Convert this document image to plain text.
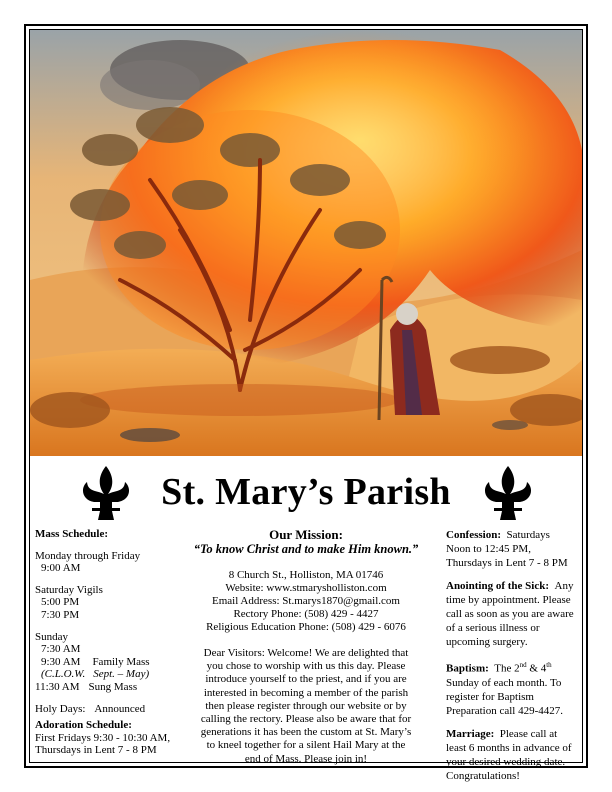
St. Mary’s Parish
Mass Schedule:
Monday through Friday
9:00 AM
Saturday Vigils
5:00 PM
7:30 PM
Sunday
7:30 AM
9:30 AM Family Mass
(C.L.O.W. Sept. – May)
11:30 AM Sung Mass
Holy Days: Announced
Adoration Schedule:
First Fridays 9:30 - 10:30 AM,
Thursdays in Lent 7 - 8 PM
Our Mission:
“To know Christ and to make Him known.”
8 Church St., Holliston, MA 01746
Website: www.stmarysholliston.com
Email Address: St.marys1870@gmail.com
Rectory Phone: (508) 429 - 4427
Religious Education Phone: (508) 429 - 6076
Dear Visitors: Welcome! We are delighted that
you chose to worship with us this day. Please
introduce yourself to the priest, and if you are
interested in becoming a member of the parish
then please register through our website or by
calling the rectory. Please also be aware that for
generations it has been the custom at St. Mary’s
to kneel together for a silent Hail Mary at the
end of Mass. Please join in!
Confession: Saturdays
Noon to 12:45 PM,
Thursdays in Lent 7 - 8 PM
Anointing of the Sick: Any
time by appointment. Please
call as soon as you are aware
of a serious illness or
upcoming surgery.
Baptism: The 2nd & 4th
Sunday of each month. To
register for Baptism
Preparation call 429-4427.
Marriage: Please call at
least 6 months in advance of
your desired wedding date.
Congratulations!
